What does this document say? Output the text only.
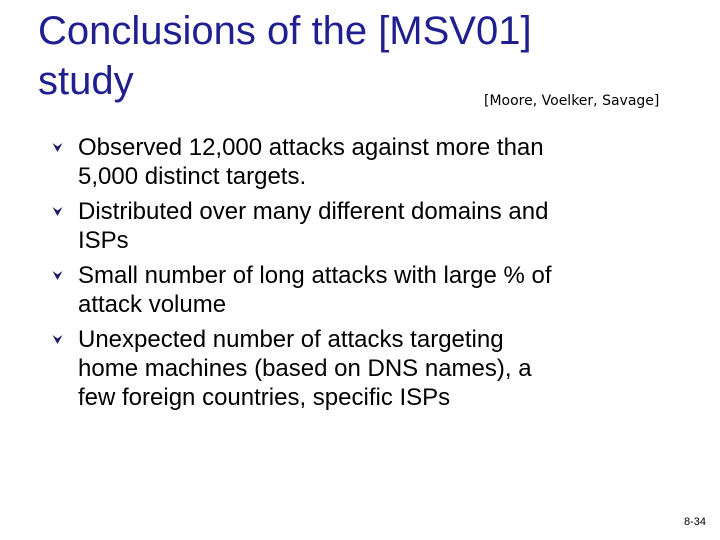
Conclusions of the [MSV01]
study	[Moore, Voelker, Savage]
Observed 12,000 attacks against more than
5,000 distinct targets.
Distributed over many different domains and
ISPs
Small number of long attacks with large % of
attack volume
Unexpected number of attacks targeting
home machines (based on DNS names), a
few foreign countries, specific ISPs
8-34
